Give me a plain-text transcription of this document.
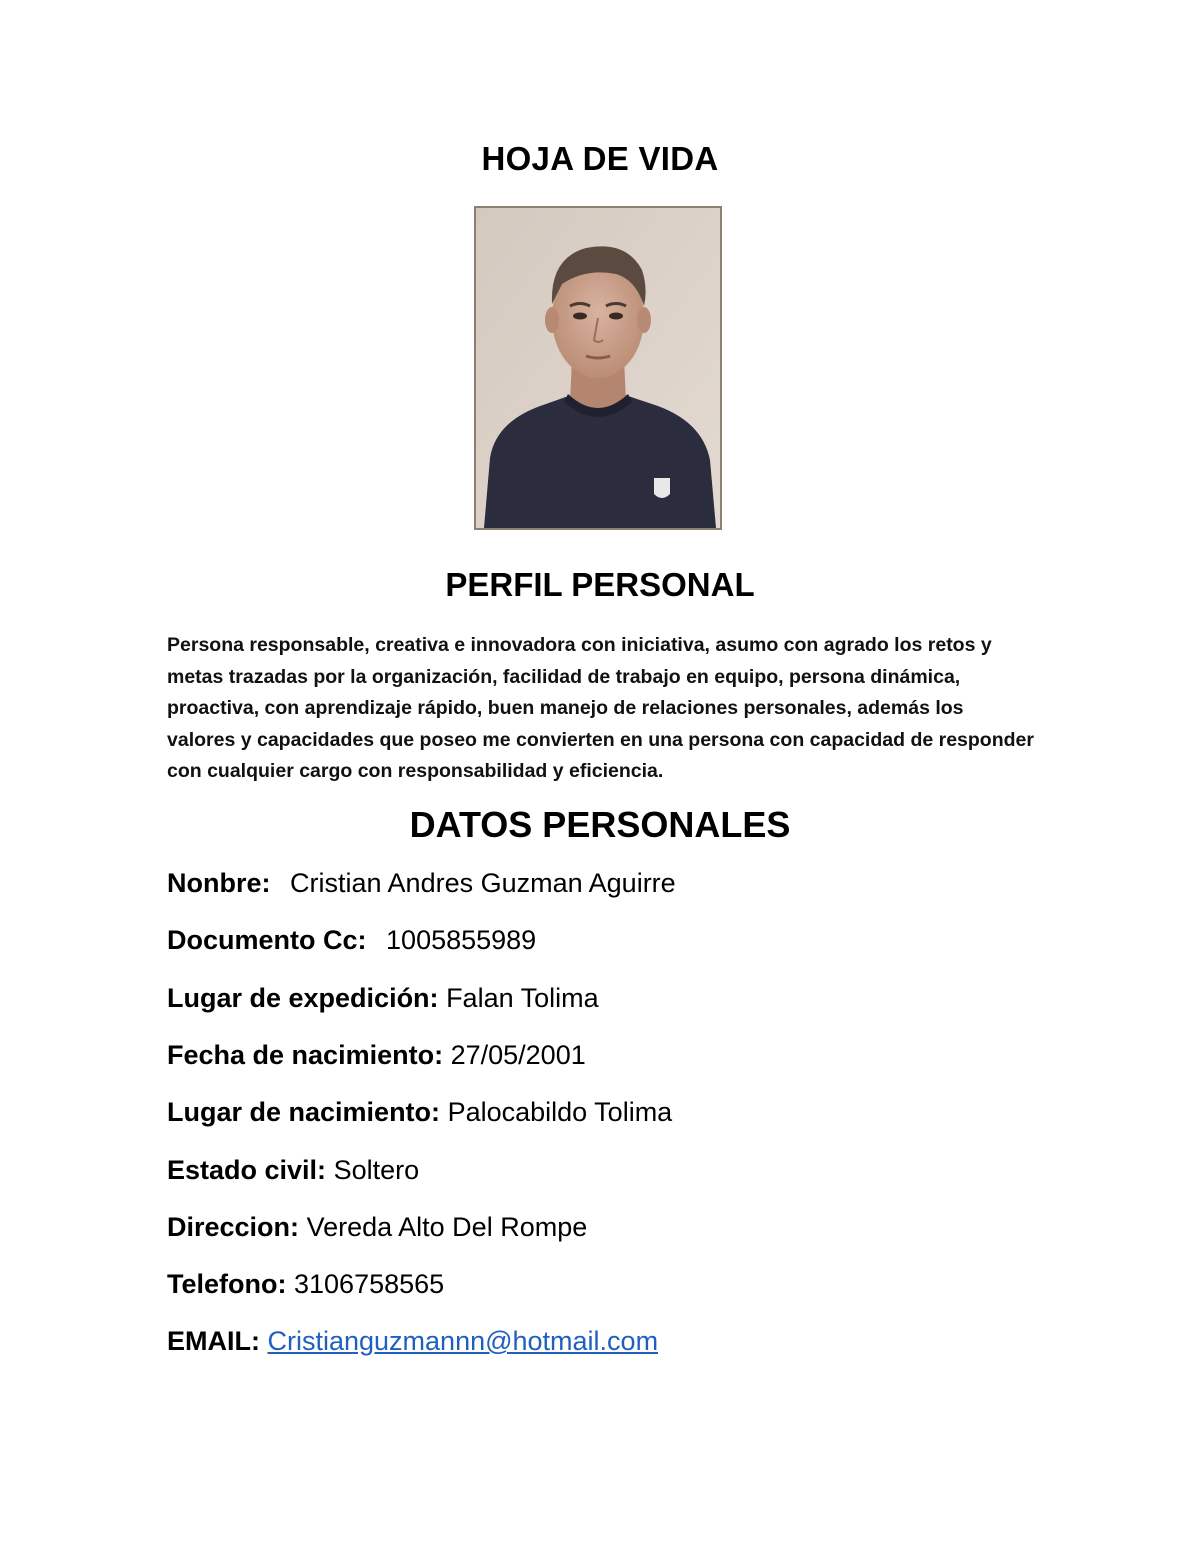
HOJA DE VIDA
PERFIL PERSONAL
Persona responsable, creativa e innovadora con iniciativa, asumo con agrado los retos y metas trazadas por la organización, facilidad de trabajo en equipo, persona dinámica, proactiva, con aprendizaje rápido, buen manejo de relaciones personales, además los valores y capacidades que poseo me convierten en una persona con capacidad de responder con cualquier cargo con responsabilidad y eficiencia.
DATOS PERSONALES
Nonbre: Cristian Andres Guzman Aguirre
Documento Cc: 1005855989
Lugar de expedición: Falan Tolima
Fecha de nacimiento: 27/05/2001
Lugar de nacimiento: Palocabildo Tolima
Estado civil: Soltero
Direccion: Vereda Alto Del Rompe
Telefono: 3106758565
EMAIL: Cristianguzmannn@hotmail.com
